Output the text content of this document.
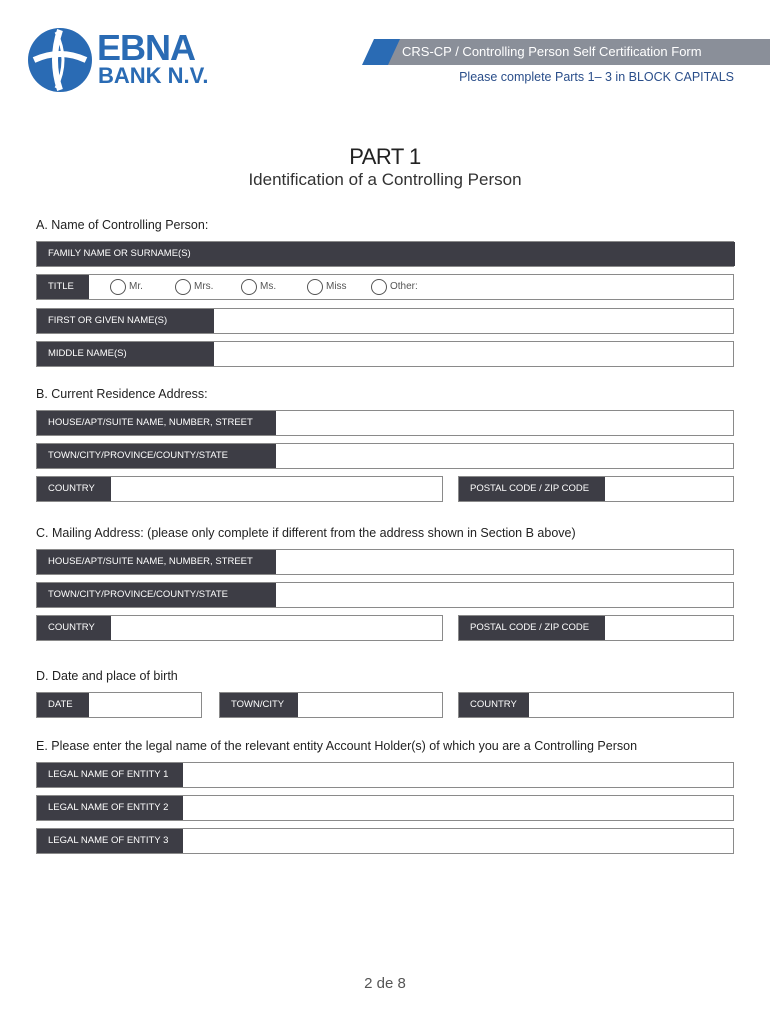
EBNA
BANK N.V.
CRS-CP / Controlling Person Self Certification Form
Please complete Parts 1– 3 in BLOCK CAPITALS
PART 1
Identification of a Controlling Person
A. Name of Controlling Person:
FAMILY NAME OR SURNAME(S)
TITLE	Mr.	Mrs.	Ms.	Miss	Other:
FIRST OR GIVEN NAME(S)
MIDDLE NAME(S)
B. Current Residence Address:
HOUSE/APT/SUITE NAME, NUMBER, STREET
TOWN/CITY/PROVINCE/COUNTY/STATE
COUNTRY	POSTAL CODE / ZIP CODE
C. Mailing Address: (please only complete if different from the address shown in Section B above)
HOUSE/APT/SUITE NAME, NUMBER, STREET
TOWN/CITY/PROVINCE/COUNTY/STATE
COUNTRY	POSTAL CODE / ZIP CODE
D. Date and place of birth
DATE	TOWN/CITY	COUNTRY
E. Please enter the legal name of the relevant entity Account Holder(s) of which you are a Controlling Person
LEGAL NAME OF ENTITY 1
LEGAL NAME OF ENTITY 2
LEGAL NAME OF ENTITY 3
2 de 8
